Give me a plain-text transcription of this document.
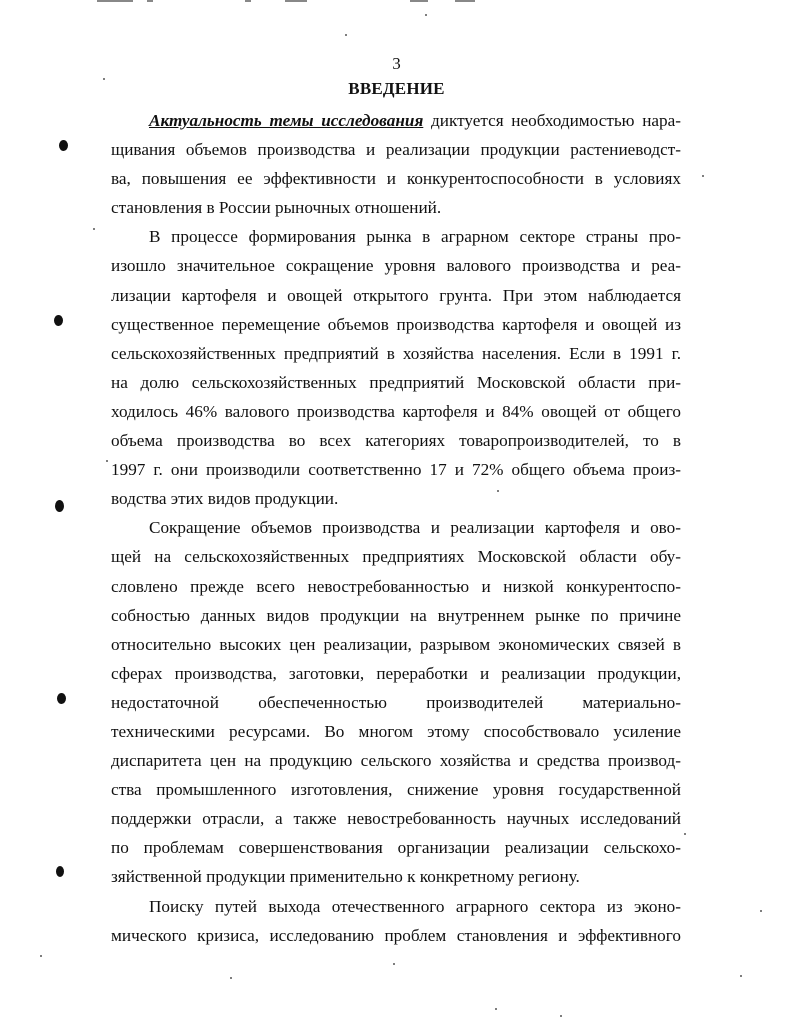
3
ВВЕДЕНИЕ
Актуальность темы исследования диктуется необходимостью нара-
щивания объемов производства и реализации продукции растениеводст-
ва, повышения ее эффективности и конкурентоспособности в условиях
становления в России рыночных отношений.
В процессе формирования рынка в аграрном секторе страны про-
изошло значительное сокращение уровня валового производства и реа-
лизации картофеля и овощей открытого грунта. При этом наблюдается
существенное перемещение объемов производства картофеля и овощей из
сельскохозяйственных предприятий в хозяйства населения. Если в 1991 г.
на долю сельскохозяйственных предприятий Московской области при-
ходилось 46% валового производства картофеля и 84% овощей от общего
объема производства во всех категориях товаропроизводителей, то в
1997 г. они производили соответственно 17 и 72% общего объема произ-
водства этих видов продукции.
Сокращение объемов производства и реализации картофеля и ово-
щей на сельскохозяйственных предприятиях Московской области обу-
словлено прежде всего невостребованностью и низкой конкурентоспо-
собностью данных видов продукции на внутреннем рынке по причине
относительно высоких цен реализации, разрывом экономических связей в
сферах производства, заготовки, переработки и реализации продукции,
недостаточной обеспеченностью производителей материально-
техническими ресурсами. Во многом этому способствовало усиление
диспаритета цен на продукцию сельского хозяйства и средства производ-
ства промышленного изготовления, снижение уровня государственной
поддержки отрасли, а также невостребованность научных исследований
по проблемам совершенствования организации реализации сельскохо-
зяйственной продукции применительно к конкретному региону.
Поиску путей выхода отечественного аграрного сектора из эконо-
мического кризиса, исследованию проблем становления и эффективного
